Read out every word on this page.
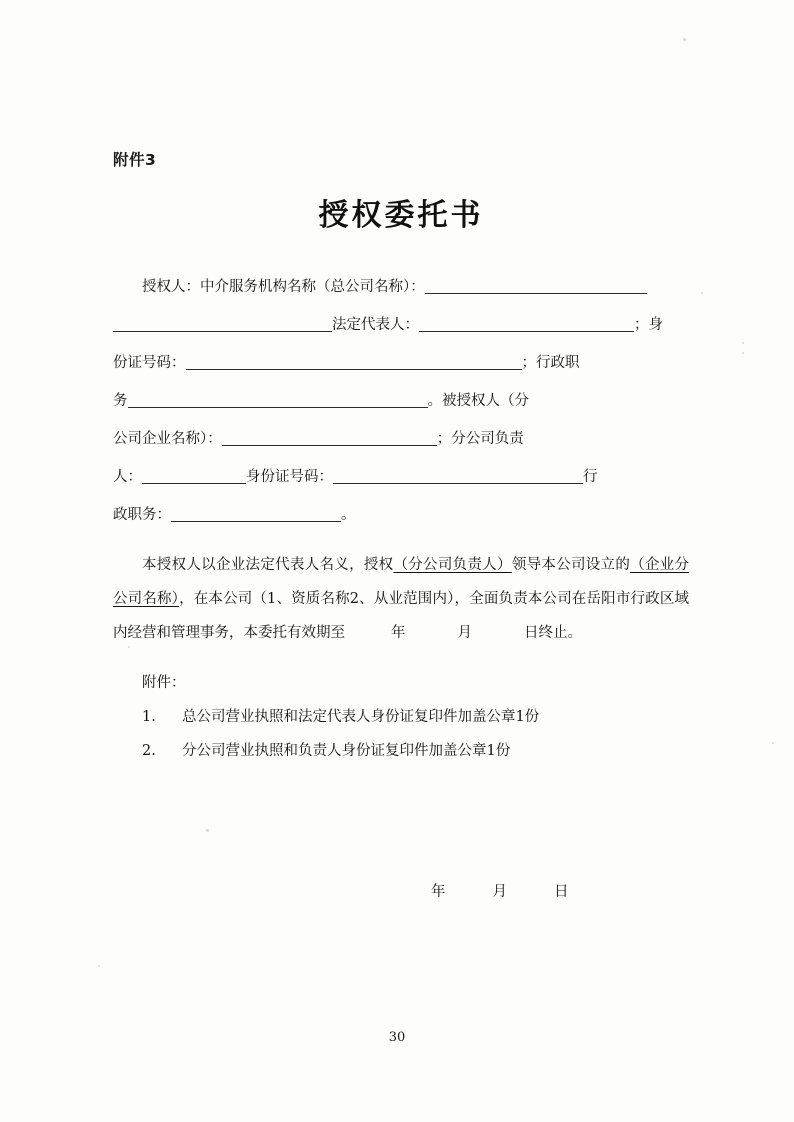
附件3
授权委托书
授权人：中介服务机构名称（总公司名称）：
法定代表人：	；身
份证号码：	；行政职
务	。被授权人（分
公司企业名称）：	；分公司负责
人：	身份证号码：	行
政职务：	。

本授权人以企业法定代表人名义，授权（分公司负责人）领导本公司设立的（企业分公司名称），在本公司（1、资质名称2、从业范围内），全面负责本公司在岳阳市行政区域内经营和管理事务，本委托有效期至	年	月	日终止。

附件：
1. 总公司营业执照和法定代表人身份证复印件加盖公章1份
2. 分公司营业执照和负责人身份证复印件加盖公章1份
年	月	日
30
